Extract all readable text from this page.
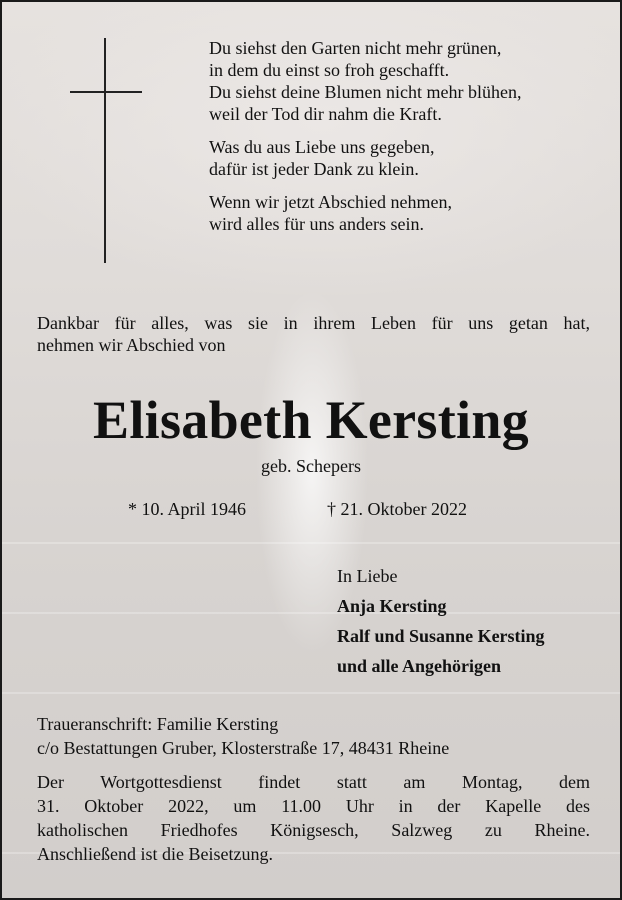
Du siehst den Garten nicht mehr grünen,
in dem du einst so froh geschafft.
Du siehst deine Blumen nicht mehr blühen,
weil der Tod dir nahm die Kraft.

Was du aus Liebe uns gegeben,
dafür ist jeder Dank zu klein.

Wenn wir jetzt Abschied nehmen,
wird alles für uns anders sein.

Dankbar für alles, was sie in ihrem Leben für uns getan hat,
nehmen wir Abschied von
Elisabeth Kersting
geb. Schepers
* 10. April 1946	† 21. Oktober 2022
In Liebe
Anja Kersting
Ralf und Susanne Kersting
und alle Angehörigen
Traueranschrift: Familie Kersting
c/o Bestattungen Gruber, Klosterstraße 17, 48431 Rheine
Der Wortgottesdienst findet statt am Montag, dem
31. Oktober 2022, um 11.00 Uhr in der Kapelle des
katholischen Friedhofes Königsesch, Salzweg zu Rheine.
Anschließend ist die Beisetzung.
